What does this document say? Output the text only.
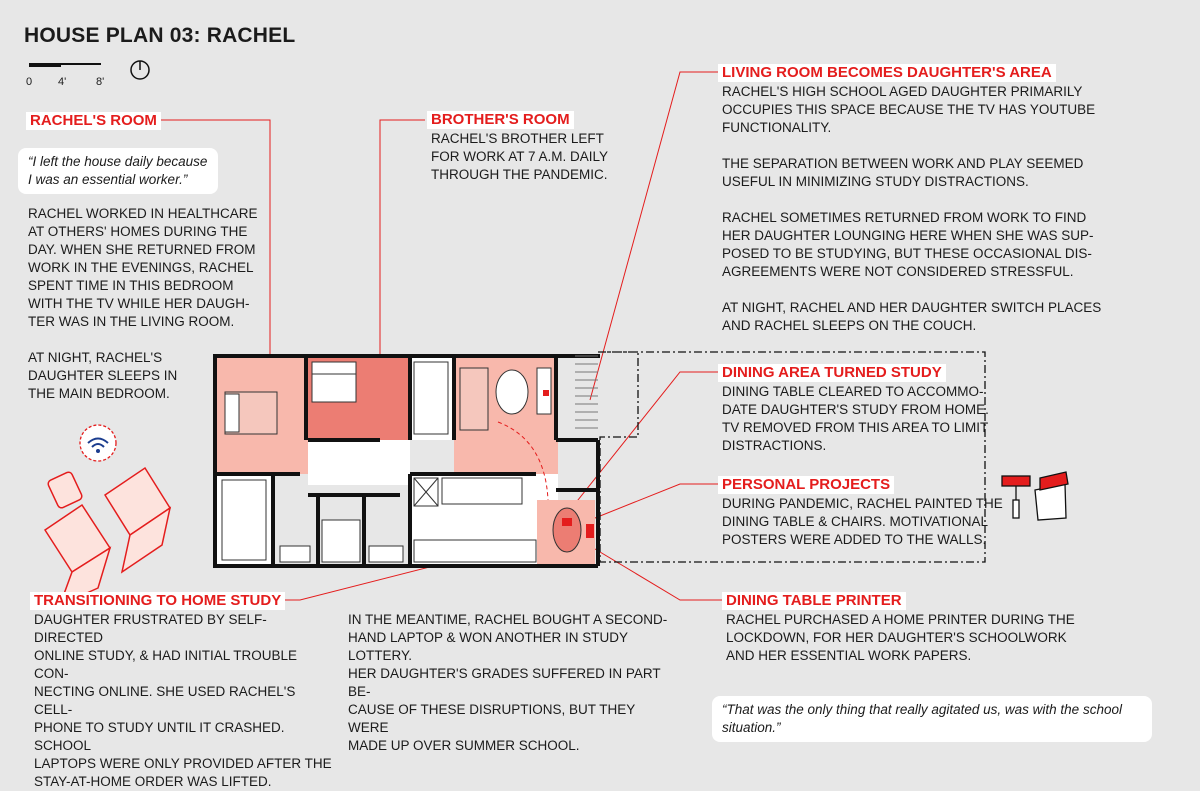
HOUSE PLAN 03: RACHEL
0 4'	8'
RACHEL'S ROOM
“I left the house daily because
I was an essential worker.”
RACHEL WORKED IN HEALTHCARE
AT OTHERS' HOMES DURING THE
DAY. WHEN SHE RETURNED FROM
WORK IN THE EVENINGS, RACHEL
SPENT TIME IN THIS BEDROOM
WITH THE TV WHILE HER DAUGH-
TER WAS IN THE LIVING ROOM.

AT NIGHT, RACHEL'S
DAUGHTER SLEEPS IN
THE MAIN BEDROOM.
BROTHER'S ROOM
RACHEL'S BROTHER LEFT
FOR WORK AT 7 A.M. DAILY
THROUGH THE PANDEMIC.
LIVING ROOM BECOMES DAUGHTER'S AREA
RACHEL'S HIGH SCHOOL AGED DAUGHTER PRIMARILY
OCCUPIES THIS SPACE BECAUSE THE TV HAS YOUTUBE
FUNCTIONALITY.

THE SEPARATION BETWEEN WORK AND PLAY SEEMED
USEFUL IN MINIMIZING STUDY DISTRACTIONS.

RACHEL SOMETIMES RETURNED FROM WORK TO FIND
HER DAUGHTER LOUNGING HERE WHEN SHE WAS SUP-
POSED TO BE STUDYING, BUT THESE OCCASIONAL DIS-
AGREEMENTS WERE NOT CONSIDERED STRESSFUL.

AT NIGHT, RACHEL AND HER DAUGHTER SWITCH PLACES
AND RACHEL SLEEPS ON THE COUCH.
DINING AREA TURNED STUDY
DINING TABLE CLEARED TO ACCOMMO-
DATE DAUGHTER'S STUDY FROM HOME.
TV REMOVED FROM THIS AREA TO LIMIT
DISTRACTIONS.
PERSONAL PROJECTS
DURING PANDEMIC, RACHEL PAINTED THE
DINING TABLE & CHAIRS. MOTIVATIONAL
POSTERS WERE ADDED TO THE WALLS.
DINING TABLE PRINTER
RACHEL PURCHASED A HOME PRINTER DURING THE
LOCKDOWN, FOR HER DAUGHTER'S SCHOOLWORK
AND HER ESSENTIAL WORK PAPERS.
TRANSITIONING TO HOME STUDY
DAUGHTER FRUSTRATED BY SELF-DIRECTED
ONLINE STUDY, & HAD INITIAL TROUBLE CON-
NECTING ONLINE. SHE USED RACHEL'S CELL-
PHONE TO STUDY UNTIL IT CRASHED. SCHOOL
LAPTOPS WERE ONLY PROVIDED AFTER THE
STAY-AT-HOME ORDER WAS LIFTED.
IN THE MEANTIME, RACHEL BOUGHT A SECOND-
HAND LAPTOP & WON ANOTHER IN STUDY LOTTERY.
HER DAUGHTER'S GRADES SUFFERED IN PART BE-
CAUSE OF THESE DISRUPTIONS, BUT THEY WERE
MADE UP OVER SUMMER SCHOOL.
“That was the only thing that really agitated us, was with the school situation.”
